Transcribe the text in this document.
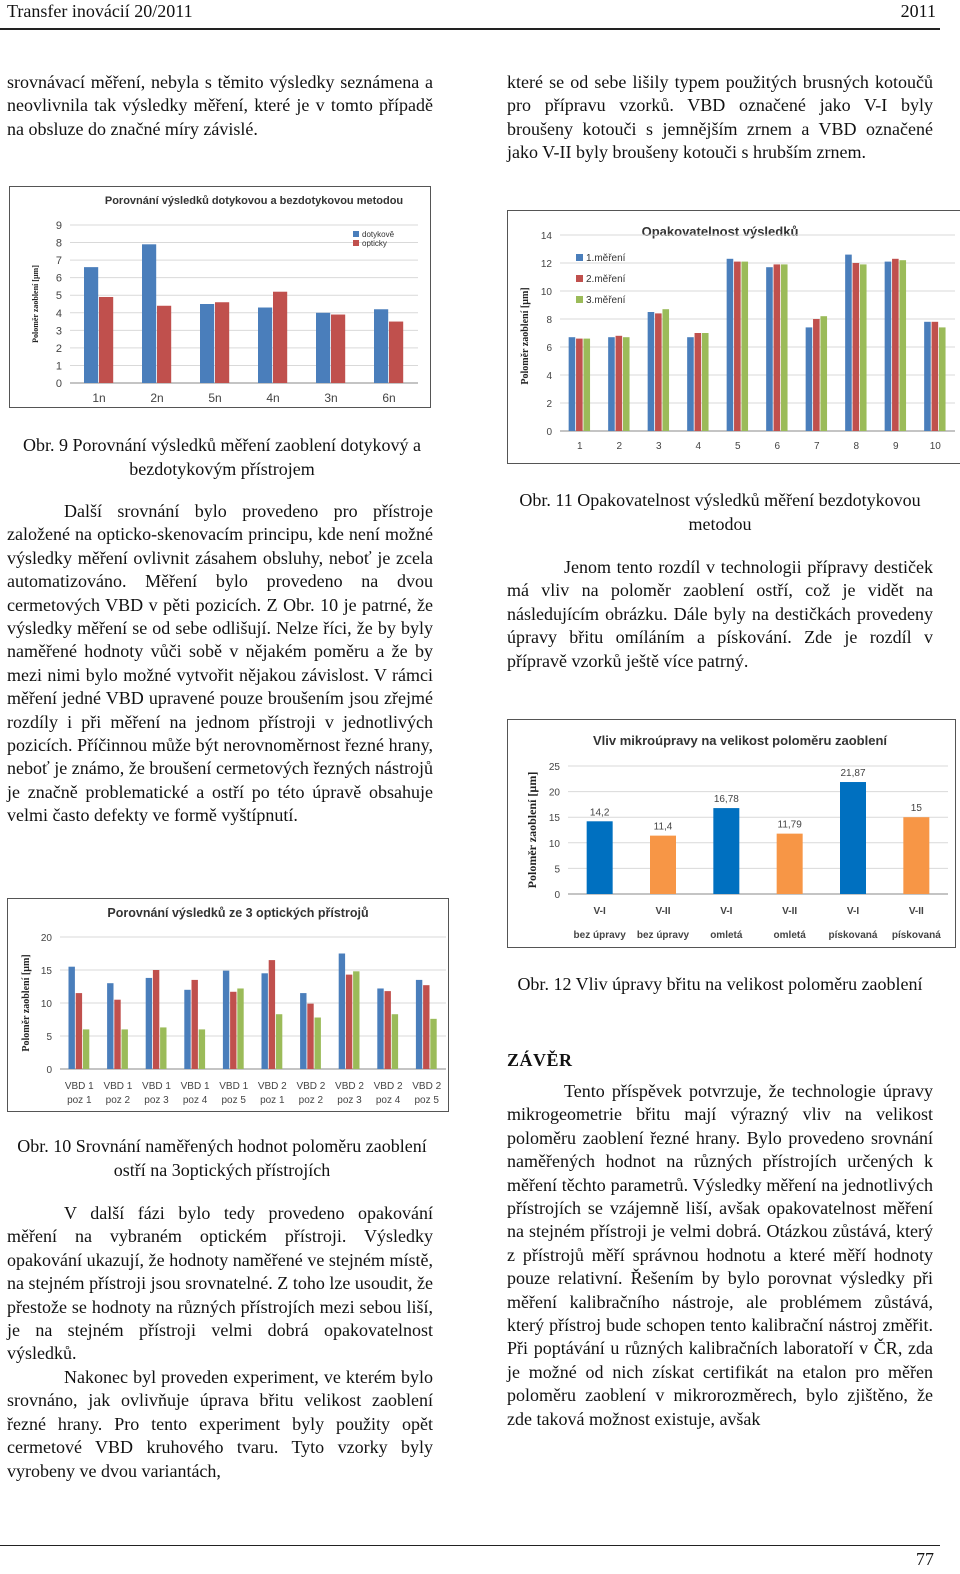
Transfer inovácií 20/2011	2011

srovnávací měření, nebyla s těmito výsledky seznámena a neovlivnila tak výsledky měření, které je v tomto případě na obsluze do značné míry závislé.

Porovnání výsledků dotykovou a bezdotykovou metodou
Poloměr zaoblení [µm]
0
1
2
3
4
5
6
7
8
9
1n	2n	5n	4n	3n	6n
dotykově
opticky

Obr. 9 Porovnání výsledků měření zaoblení dotykový a bezdotykovým přístrojem

Další srovnání bylo provedeno pro přístroje založené na opticko-skenovacím principu, kde není možné výsledky měření ovlivnit zásahem obsluhy, neboť je zcela automatizováno. Měření bylo provedeno na dvou cermetových VBD v pěti pozicích. Z Obr. 10 je patrné, že výsledky měření se od sebe odlišují. Nelze říci, že by byly naměřené hodnoty vůči sobě v nějakém poměru a že by mezi nimi bylo možné vytvořit nějakou závislost. V rámci měření jedné VBD upravené pouze broušením jsou zřejmé rozdíly i při měření na jednom přístroji v jednotlivých pozicích. Příčinnou může být nerovnoměrnost řezné hrany, neboť je známo, že broušení cermetových řezných nástrojů je značně problematické a ostří po této úpravě obsahuje velmi často defekty ve formě vyštípnutí.

Porovnání výsledků ze 3 optických přístrojů
Poloměr zaoblení [µm]
0
5
10
15
20
VBD 1
poz 1
VBD 1
poz 2
VBD 1
poz 3
VBD 1
poz 4
VBD 1
poz 5
VBD 2
poz 1
VBD 2
poz 2
VBD 2
poz 3
VBD 2
poz 4
VBD 2
poz 5

Obr. 10 Srovnání naměřených hodnot poloměru zaoblení ostří na 3optických přístrojích

V další fázi bylo tedy provedeno opakování měření na vybraném optickém přístroji. Výsledky opakování ukazují, že hodnoty naměřené ve stejném místě, na stejném přístroji jsou srovnatelné. Z toho lze usoudit, že přestože se hodnoty na různých přístrojích mezi sebou liší, je na stejném přístroji velmi dobrá opakovatelnost výsledků.

Nakonec byl proveden experiment, ve kterém bylo srovnáno, jak ovlivňuje úprava břitu velikost zaoblení řezné hrany. Pro tento experiment byly použity opět cermetové VBD kruhového tvaru. Tyto vzorky byly vyrobeny ve dvou variantách,

které se od sebe lišily typem použitých brusných kotoučů pro přípravu vzorků. VBD označené jako V-I byly broušeny kotouči s jemnějším zrnem a VBD označené jako V-II byly broušeny kotouči s hrubším zrnem.

Opakovatelnost výsledků
Poloměr zaoblení [µm]
0
2
4
6
8
10
12
14
1	2	3	4	5	6	7	8	9	10
1.měření
2.měření
3.měření

Obr. 11 Opakovatelnost výsledků měření bezdotykovou metodou

Jenom tento rozdíl v technologii přípravy destiček má vliv na poloměr zaoblení ostří, což je vidět na následujícím obrázku. Dále byly na destičkách provedeny úpravy břitu omíláním a pískování. Zde je rozdíl v přípravě vzorků ještě více patrný.

Vliv mikroúpravy na velikost poloměru zaoblení
Poloměr zaoblení [µm]
0
5
10
15
20
25
14,2
11,4
16,78
11,79
21,87
15
V-I
bez úpravy
V-II
bez úpravy
V-I
omletá
V-II
omletá
V-I
pískovaná
V-II
pískovaná

Obr. 12 Vliv úpravy břitu na velikost poloměru zaoblení

ZÁVĚR

Tento příspěvek potvrzuje, že technologie úpravy mikrogeometrie břitu mají výrazný vliv na velikost poloměru zaoblení řezné hrany. Bylo provedeno srovnání naměřených hodnot na různých přístrojích určených k měření těchto parametrů. Výsledky měření na jednotlivých přístrojích se vzájemně liší, avšak opakovatelnost měření na stejném přístroji je velmi dobrá. Otázkou zůstává, který z přístrojů měří správnou hodnotu a které měří hodnoty pouze relativní. Řešením by bylo porovnat výsledky při měření kalibračního nástroje, ale problémem zůstává, který přístroj bude schopen tento kalibrační nástroj změřit. Při poptávání u různých kalibračních laboratoří v ČR, zda je možné od nich získat certifikát na etalon pro měřen poloměru zaoblení v mikrorozměrech, bylo zjištěno, že zde taková možnost existuje, avšak

77
